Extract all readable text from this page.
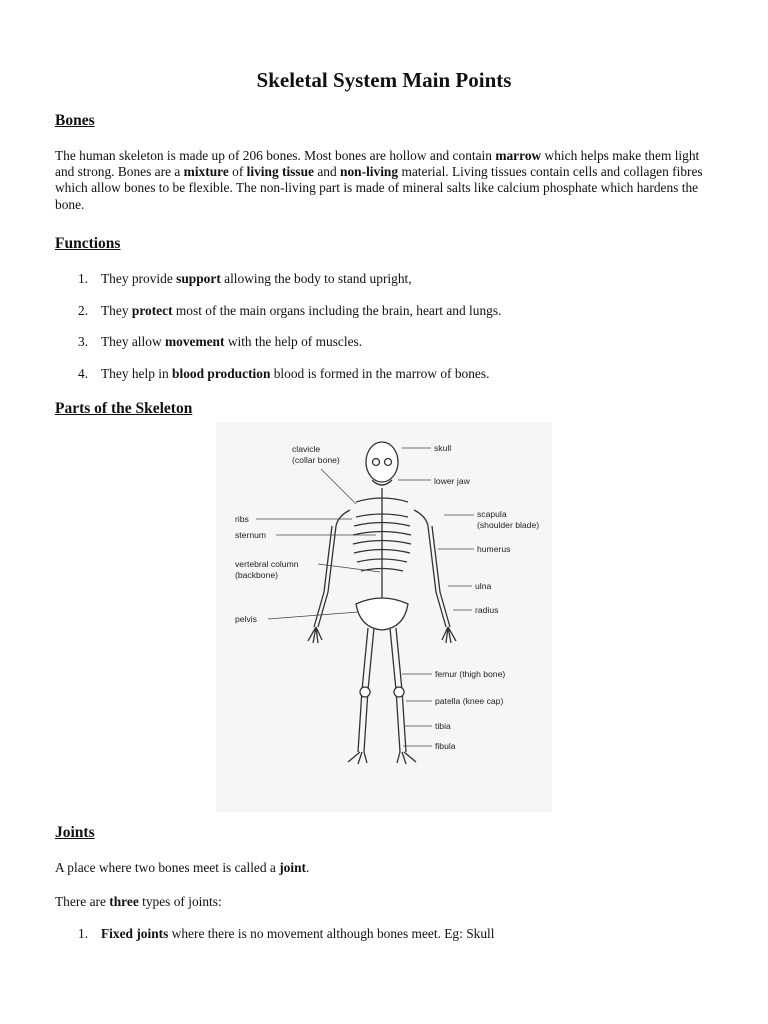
Skeletal System Main Points
Bones

The human skeleton is made up of 206 bones. Most bones are hollow and contain marrow which helps make them light and strong. Bones are a mixture of living tissue and non-living material. Living tissues contain cells and collagen fibres which allow bones to be flexible. The non-living part is made of mineral salts like calcium phosphate which hardens the bone.

Functions

1. They provide support allowing the body to stand upright,

2. They protect most of the main organs including the brain, heart and lungs.

3. They allow movement with the help of muscles.

4. They help in blood production blood is formed in the marrow of bones.

Parts of the Skeleton
clavicle
(collar bone)
skull
lower jaw
ribs
sternum
scapula
(shoulder blade)
humerus
vertebral column
(backbone)
ulna
radius
pelvis
femur (thigh bone)
patella (knee cap)
tibia
fibula
Joints

A place where two bones meet is called a joint.

There are three types of joints:

1. Fixed joints where there is no movement although bones meet. Eg: Skull
